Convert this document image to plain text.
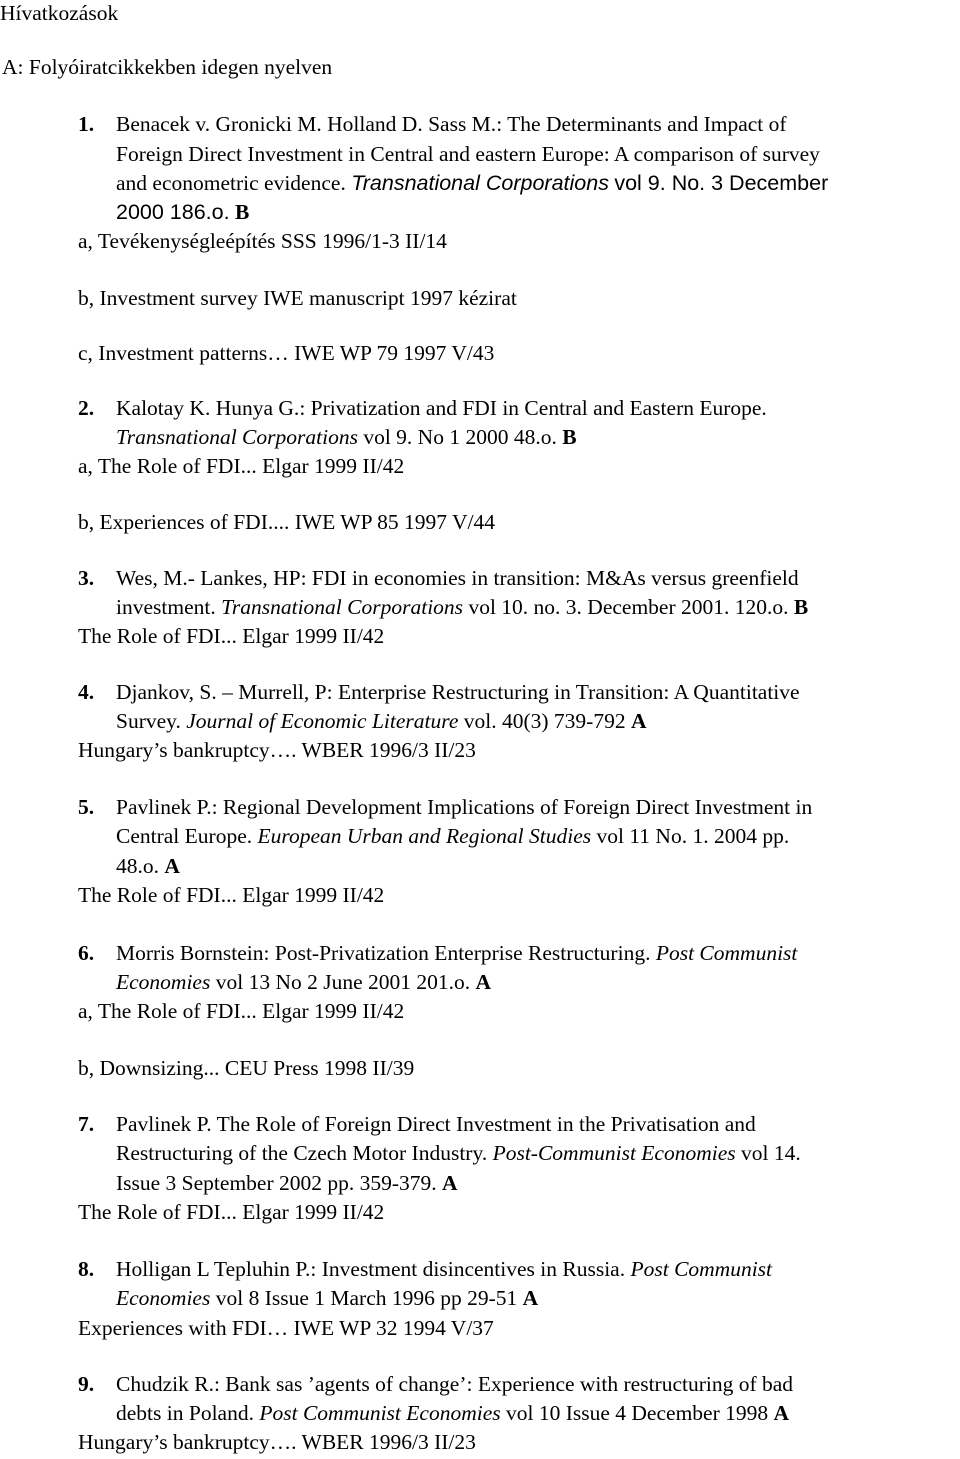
Hívatkozások
A: Folyóiratcikkekben idegen nyelven
1. Benacek v. Gronicki M. Holland D. Sass M.: The Determinants and Impact of
Foreign Direct Investment in Central and eastern Europe: A comparison of survey
and econometric evidence. Transnational Corporations vol 9. No. 3 December
2000 186.o. B
a, Tevékenységleépítés SSS 1996/1-3 II/14
b, Investment survey IWE manuscript 1997 kézirat
c, Investment patterns… IWE WP 79 1997 V/43
2. Kalotay K. Hunya G.: Privatization and FDI in Central and Eastern Europe.
Transnational Corporations vol 9. No 1 2000 48.o. B
a, The Role of FDI... Elgar 1999 II/42
b, Experiences of FDI.... IWE WP 85 1997 V/44
3. Wes, M.- Lankes, HP: FDI in economies in transition: M&As versus greenfield
investment. Transnational Corporations vol 10. no. 3. December 2001. 120.o. B
The Role of FDI... Elgar 1999 II/42
4. Djankov, S. – Murrell, P: Enterprise Restructuring in Transition: A Quantitative
Survey. Journal of Economic Literature vol. 40(3) 739-792 A
Hungary’s bankruptcy…. WBER 1996/3 II/23
5. Pavlinek P.: Regional Development Implications of Foreign Direct Investment in
Central Europe. European Urban and Regional Studies vol 11 No. 1. 2004 pp.
48.o. A
The Role of FDI... Elgar 1999 II/42
6. Morris Bornstein: Post-Privatization Enterprise Restructuring. Post Communist
Economies vol 13 No 2 June 2001 201.o. A
a, The Role of FDI... Elgar 1999 II/42
b, Downsizing... CEU Press 1998 II/39
7. Pavlinek P. The Role of Foreign Direct Investment in the Privatisation and
Restructuring of the Czech Motor Industry. Post-Communist Economies vol 14.
Issue 3 September 2002 pp. 359-379. A
The Role of FDI... Elgar 1999 II/42
8. Holligan L Tepluhin P.: Investment disincentives in Russia. Post Communist
Economies vol 8 Issue 1 March 1996 pp 29-51 A
Experiences with FDI… IWE WP 32 1994 V/37
9. Chudzik R.: Bank sas ’agents of change’: Experience with restructuring of bad
debts in Poland. Post Communist Economies vol 10 Issue 4 December 1998 A
Hungary’s bankruptcy…. WBER 1996/3 II/23
